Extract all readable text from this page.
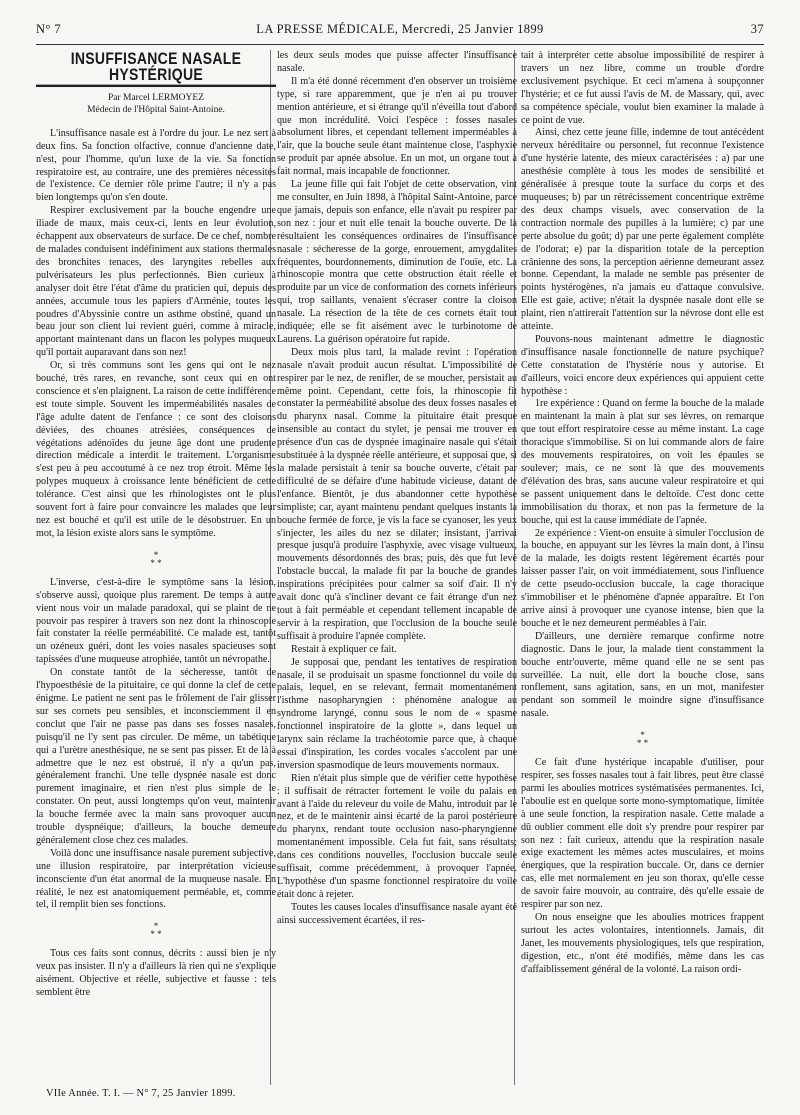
N° 7	LA PRESSE MÉDICALE, Mercredi, 25 Janvier 1899	37
INSUFFISANCE NASALE HYSTÉRIQUE
Par Marcel LERMOYEZ
Médecin de l'Hôpital Saint-Antoine.

L'insuffisance nasale est à l'ordre du jour. Le nez sert à deux fins. Sa fonction olfactive, connue d'ancienne date, n'est, pour l'homme, qu'un luxe de la vie. Sa fonction respiratoire est, au contraire, une des premières nécessités de l'existence. Ce dernier rôle prime l'autre; il n'y a pas bien longtemps qu'on s'en doute.

Respirer exclusivement par la bouche engendre une iliade de maux, mais ceux-ci, lents en leur évolution, échappent aux observateurs de surface. De ce chef, nombre de malades conduisent indéfiniment aux stations thermales des bronchites tenaces, des laryngites rebelles aux pulvérisateurs les plus perfectionnés. Bien curieux à analyser doit être l'état d'âme du praticien qui, depuis des années, accumule tous les papiers d'Arménie, toutes les poudres d'Abyssinie contre un asthme obstiné, quand un beau jour son client lui revient guéri, comme à miracle, apportant maintenant dans un flacon les polypes muqueux qu'il portait auparavant dans son nez!

Or, si très communs sont les gens qui ont le nez bouché, très rares, en revanche, sont ceux qui en ont conscience et s'en plaignent. La raison de cette indifférence est toute simple. Souvent les imperméabilités nasales de l'âge adulte datent de l'enfance : ce sont des cloisons déviées, des choanes atrésiées, conséquences de végétations adénoïdes du jeune âge dont une prudente direction médicale a interdit le traitement. L'organisme s'est peu à peu accoutumé à ce nez trop étroit. Même les polypes muqueux à croissance lente bénéficient de cette tolérance. C'est ainsi que les rhinologistes ont le plus souvent fort à faire pour convaincre les malades que leur nez est bouché et qu'il est utile de le désobstruer. En un mot, la lésion existe alors sans le symptôme.

*
* *

L'inverse, c'est-à-dire le symptôme sans la lésion, s'observe aussi, quoique plus rarement. De temps à autre vient nous voir un malade paradoxal, qui se plaint de ne pouvoir pas respirer à travers son nez dont la rhinoscopie fait constater la réelle perméabilité. Ce malade est, tantôt un ozéneux guéri, dont les voies nasales spacieuses sont tapissées d'une muqueuse atrophiée, tantôt un névropathe.

On constate tantôt de la sécheresse, tantôt de l'hypoesthésie de la pituitaire, ce qui donne la clef de cette énigme. Le patient ne sent pas le frôlement de l'air glisser sur ses cornets peu sensibles, et inconsciemment il en conclut que l'air ne passe pas dans ses fosses nasales, puisqu'il ne l'y sent pas circuler. De même, un tabétique qui a l'urètre anesthésique, ne se sent pas pisser. Et de là à admettre que le nez est obstrué, il n'y a qu'un pas, généralement franchi. Une telle dyspnée nasale est donc purement imaginaire, et rien n'est plus simple de le constater. On peut, aussi longtemps qu'on veut, maintenir la bouche fermée avec la main sans provoquer aucun trouble dyspnéique; d'ailleurs, la bouche demeure généralement close chez ces malades.

Voilà donc une insuffisance nasale purement subjective, une illusion respiratoire, par interprétation vicieuse inconsciente d'un état anormal de la muqueuse nasale. En réalité, le nez est anatomiquement perméable, et, comme tel, il remplit bien ses fonctions.

*
* *

Tous ces faits sont connus, décrits : aussi bien je n'y veux pas insister. Il n'y a d'ailleurs là rien qui ne s'explique aisément. Objective et réelle, subjective et fausse : tels semblent être

les deux seuls modes que puisse affecter l'insuffisance nasale.

Il m'a été donné récemment d'en observer un troisième type, si rare apparemment, que je n'en ai pu trouver mention antérieure, et si étrange qu'il n'éveilla tout d'abord que mon incrédulité. Voici l'espèce : fosses nasales absolument libres, et cependant tellement imperméables à l'air, que la bouche seule étant maintenue close, l'asphyxie se produit par apnée absolue. En un mot, un organe tout à fait normal, mais incapable de fonctionner.

La jeune fille qui fait l'objet de cette observation, vint me consulter, en Juin 1898, à l'hôpital Saint-Antoine, parce que jamais, depuis son enfance, elle n'avait pu respirer par son nez : jour et nuit elle tenait la bouche ouverte. De là résultaient les conséquences ordinaires de l'insuffisance nasale : sécheresse de la gorge, enrouement, amygdalites fréquentes, bourdonnements, diminution de l'ouïe, etc. La rhinoscopie montra que cette obstruction était réelle et produite par un vice de conformation des cornets inférieurs qui, trop saillants, venaient s'écraser contre la cloison nasale. La résection de la tête de ces cornets était tout indiquée; elle se fit aisément avec le turbinotome de Laurens. La guérison opératoire fut rapide.

Deux mois plus tard, la malade revint : l'opération nasale n'avait produit aucun résultat. L'impossibilité de respirer par le nez, de renifler, de se moucher, persistait au même point. Cependant, cette fois, la rhinoscopie fit constater la perméabilité absolue des deux fosses nasales et du pharynx nasal. Comme la pituitaire était presque insensible au contact du stylet, je pensai me trouver en présence d'un cas de dyspnée imaginaire nasale qui s'était substituée à la dyspnée réelle antérieure, et supposai que, si la malade persistait à tenir sa bouche ouverte, c'était par difficulté de se défaire d'une habitude vicieuse, datant de l'enfance. Bientôt, je dus abandonner cette hypothèse simpliste; car, ayant maintenu pendant quelques instants la bouche fermée de force, je vis la face se cyanoser, les yeux s'injecter, les ailes du nez se dilater; insistant, j'arrivai presque jusqu'à produire l'asphyxie, avec visage vultueux, mouvements désordonnés des bras; puis, dès que fut levé l'obstacle buccal, la malade fit par la bouche de grandes inspirations précipitées pour calmer sa soif d'air. Il n'y avait donc qu'à s'incliner devant ce fait étrange d'un nez tout à fait perméable et cependant tellement incapable de servir à la respiration, que l'occlusion de la bouche seule suffisait à produire l'apnée complète.

Restait à expliquer ce fait.

Je supposai que, pendant les tentatives de respiration nasale, il se produisait un spasme fonctionnel du voile du palais, lequel, en se relevant, fermait momentanément l'isthme nasopharyngien : phénomène analogue au syndrome laryngé, connu sous le nom de « spasme fonctionnel inspiratoire de la glotte », dans lequel un larynx sain réclame la trachéotomie parce que, à chaque essai d'inspiration, les cordes vocales s'accolent par une inversion spasmodique de leurs mouvements normaux.

Rien n'était plus simple que de vérifier cette hypothèse : il suffisait de rétracter fortement le voile du palais en avant à l'aide du releveur du voile de Mahu, introduit par le nez, et de le maintenir ainsi écarté de la paroi postérieure du pharynx, rendant toute occlusion naso-pharyngienne momentanément impossible. Cela fut fait, sans résultats; dans ces conditions nouvelles, l'occlusion buccale seule suffisait, comme précédemment, à provoquer l'apnée. L'hypothèse d'un spasme fonctionnel respiratoire du voile était donc à rejeter.

Toutes les causes locales d'insuffisance nasale ayant été ainsi successivement écartées, il res-

tait à interpréter cette absolue impossibilité de respirer à travers un nez libre, comme un trouble d'ordre exclusivement psychique. Et ceci m'amena à soupçonner l'hystérie; et ce fut aussi l'avis de M. de Massary, qui, avec sa compétence spéciale, voulut bien examiner la malade à ce point de vue.

Ainsi, chez cette jeune fille, indemne de tout antécédent nerveux héréditaire ou personnel, fut reconnue l'existence d'une hystérie latente, des mieux caractérisées : a) par une anesthésie complète à tous les modes de sensibilité et généralisée à presque toute la surface du corps et des muqueuses; b) par un rétrécissement concentrique extrême des deux champs visuels, avec conservation de la contraction normale des pupilles à la lumière; c) par une perte absolue du goût; d) par une perte également complète de l'odorat; e) par la disparition totale de la perception crânienne des sons, la perception aérienne demeurant assez bonne. Cependant, la malade ne semble pas présenter de points hystérogènes, n'a jamais eu d'attaque convulsive. Elle est gaie, active; n'était la dyspnée nasale dont elle se plaint, rien n'attirerait l'attention sur la névrose dont elle est atteinte.

Pouvons-nous maintenant admettre le diagnostic d'insuffisance nasale fonctionnelle de nature psychique? Cette constatation de l'hystérie nous y autorise. Et d'ailleurs, voici encore deux expériences qui appuient cette hypothèse :

1re expérience : Quand on ferme la bouche de la malade en maintenant la main à plat sur ses lèvres, on remarque que tout effort respiratoire cesse au même instant. La cage thoracique s'immobilise. Si on lui commande alors de faire des mouvements respiratoires, on voit les épaules se soulever; mais, ce ne sont là que des mouvements d'élévation des bras, sans aucune valeur respiratoire et qui se passent uniquement dans le deltoïde. C'est donc cette immobilisation du thorax, et non pas la fermeture de la bouche, qui est la cause immédiate de l'apnée.

2e expérience : Vient-on ensuite à simuler l'occlusion de la bouche, en appuyant sur les lèvres la main dont, à l'insu de la malade, les doigts restent légèrement écartés pour laisser passer l'air, on voit immédiatement, sous l'influence de cette pseudo-occlusion buccale, la cage thoracique s'immobiliser et le phénomène d'apnée apparaître. Et l'on arrive ainsi à provoquer une cyanose intense, bien que la bouche et le nez demeurent perméables à l'air.

D'ailleurs, une dernière remarque confirme notre diagnostic. Dans le jour, la malade tient constamment la bouche entr'ouverte, même quand elle ne se sent pas surveillée. La nuit, elle dort la bouche close, sans ronflement, sans agitation, sans, en un mot, manifester pendant son sommeil le moindre signe d'insuffisance nasale.

*
* *

Ce fait d'une hystérique incapable d'utiliser, pour respirer, ses fosses nasales tout à fait libres, peut être classé parmi les aboulies motrices systématisées permanentes. Ici, l'aboulie est en quelque sorte mono-symptomatique, limitée à une seule fonction, la respiration nasale. Cette malade a dû oublier comment elle doit s'y prendre pour respirer par son nez : fait curieux, attendu que la respiration nasale exige exactement les mêmes actes musculaires, et moins énergiques, que la respiration buccale. Or, dans ce dernier cas, elle met normalement en jeu son thorax, qu'elle cesse de savoir faire mouvoir, au contraire, dès qu'elle essaie de respirer par son nez.

On nous enseigne que les aboulies motrices frappent surtout les actes volontaires, intentionnels. Jamais, dit Janet, les mouvements physiologiques, tels que respiration, digestion, etc., n'ont été modifiés, même dans les cas d'affaiblissement général de la volonté. La raison ordi-

VIIe Année. T. I. — N° 7, 25 Janvier 1899.
